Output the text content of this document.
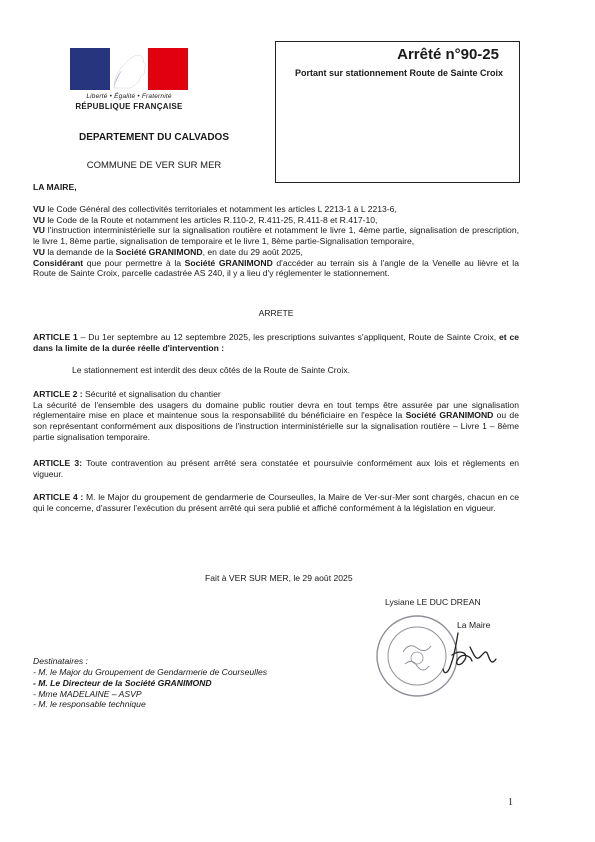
Liberté • Égalité • Fraternité
RÉPUBLIQUE FRANÇAISE
DEPARTEMENT DU CALVADOS
COMMUNE DE VER SUR MER
Arrêté n°90-25
Portant sur stationnement Route de Sainte Croix
LA MAIRE,
VU le Code Général des collectivités territoriales et notamment les articles L 2213-1 à L 2213-6,
VU le Code de la Route et notamment les articles R.110-2, R.411-25, R.411-8 et R.417-10,
VU l'instruction interministérielle sur la signalisation routière et notamment le livre 1, 4ème partie, signalisation de prescription, le livre 1, 8ème partie, signalisation de temporaire et le livre 1, 8ème partie-Signalisation temporaire,
VU la demande de la Société GRANIMOND, en date du 29 août 2025,
Considérant que pour permettre à la Société GRANIMOND d'accéder au terrain sis à l'angle de la Venelle au lièvre et la Route de Sainte Croix, parcelle cadastrée AS 240, il y a lieu d'y réglementer le stationnement.
ARRETE
ARTICLE 1 – Du 1er septembre au 12 septembre 2025, les prescriptions suivantes s'appliquent, Route de Sainte Croix, et ce dans la limite de la durée réelle d'intervention :
Le stationnement est interdit des deux côtés de la Route de Sainte Croix.
ARTICLE 2 : Sécurité et signalisation du chantier
La sécurité de l'ensemble des usagers du domaine public routier devra en tout temps être assurée par une signalisation réglementaire mise en place et maintenue sous la responsabilité du bénéficiaire en l'espèce la Société GRANIMOND ou de son représentant conformément aux dispositions de l'instruction interministérielle sur la signalisation routière – Livre 1 – 8ème partie signalisation temporaire.
ARTICLE 3: Toute contravention au présent arrêté sera constatée et poursuivie conformément aux lois et règlements en vigueur.
ARTICLE 4 : M. le Major du groupement de gendarmerie de Courseulles, la Maire de Ver-sur-Mer sont chargés, chacun en ce qui le concerne, d'assurer l'exécution du présent arrêté qui sera publié et affiché conformément à la législation en vigueur.
Fait à VER SUR MER, le 29 août 2025
Lysiane LE DUC DREAN
La Maire
Destinataires :
- M. le Major du Groupement de Gendarmerie de Courseulles
- M. Le Directeur de la Société GRANIMOND
- Mme MADELAINE – ASVP
- M. le responsable technique
1
